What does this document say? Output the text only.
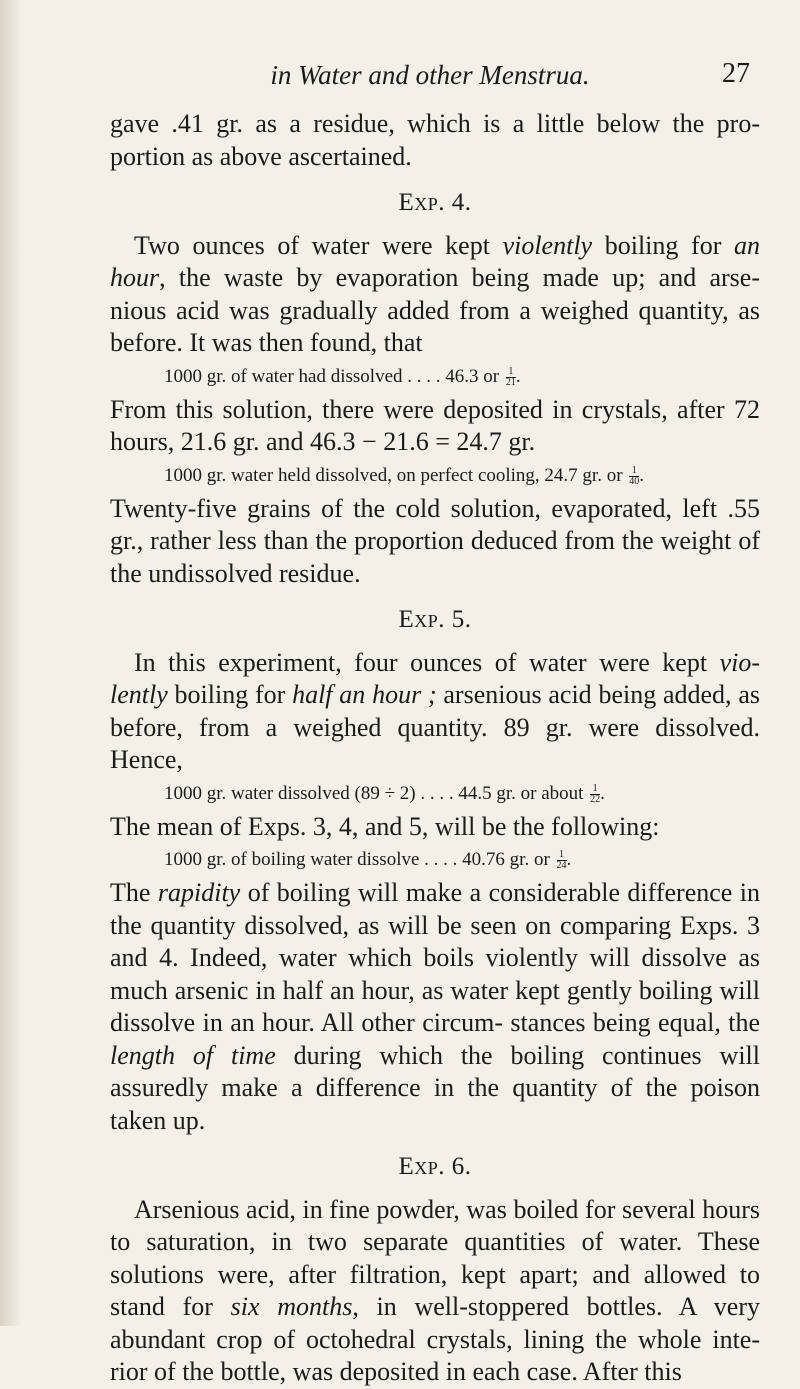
in Water and other Menstrua.	27

gave .41 gr. as a residue, which is a little below the pro- portion as above ascertained.

Exp. 4.

Two ounces of water were kept violently boiling for an hour, the waste by evaporation being made up; and arse- nious acid was gradually added from a weighed quantity, as before. It was then found, that

1000 gr. of water had dissolved . . . . 46.3 or $\frac{1}{21}$ .

From this solution, there were deposited in crystals, after 72 hours, 21.6 gr. and 46.3 − 21.6 = 24.7 gr.

1000 gr. water held dissolved, on perfect cooling, 24.7 gr. or $\frac{1}{40}$ .

Twenty-five grains of the cold solution, evaporated, left .55 gr., rather less than the proportion deduced from the weight of the undissolved residue.

Exp. 5.

In this experiment, four ounces of water were kept vio- lently boiling for half an hour ; arsenious acid being added, as before, from a weighed quantity. 89 gr. were dissolved. Hence,

1000 gr. water dissolved (89 ÷ 2) . . . . 44.5 gr. or about $\frac{1}{22}$ .

The mean of Exps. 3, 4, and 5, will be the following:

1000 gr. of boiling water dissolve . . . . 40.76 gr. or $\frac{1}{24}$ .

The rapidity of boiling will make a considerable difference in the quantity dissolved, as will be seen on comparing Exps. 3 and 4. Indeed, water which boils violently will dissolve as much arsenic in half an hour, as water kept gently boiling will dissolve in an hour. All other circum- stances being equal, the length of time during which the boiling continues will assuredly make a difference in the quantity of the poison taken up.

Exp. 6.

Arsenious acid, in fine powder, was boiled for several hours to saturation, in two separate quantities of water. These solutions were, after filtration, kept apart; and allowed to stand for six months, in well-stoppered bottles. A very abundant crop of octohedral crystals, lining the whole inte- rior of the bottle, was deposited in each case. After this
